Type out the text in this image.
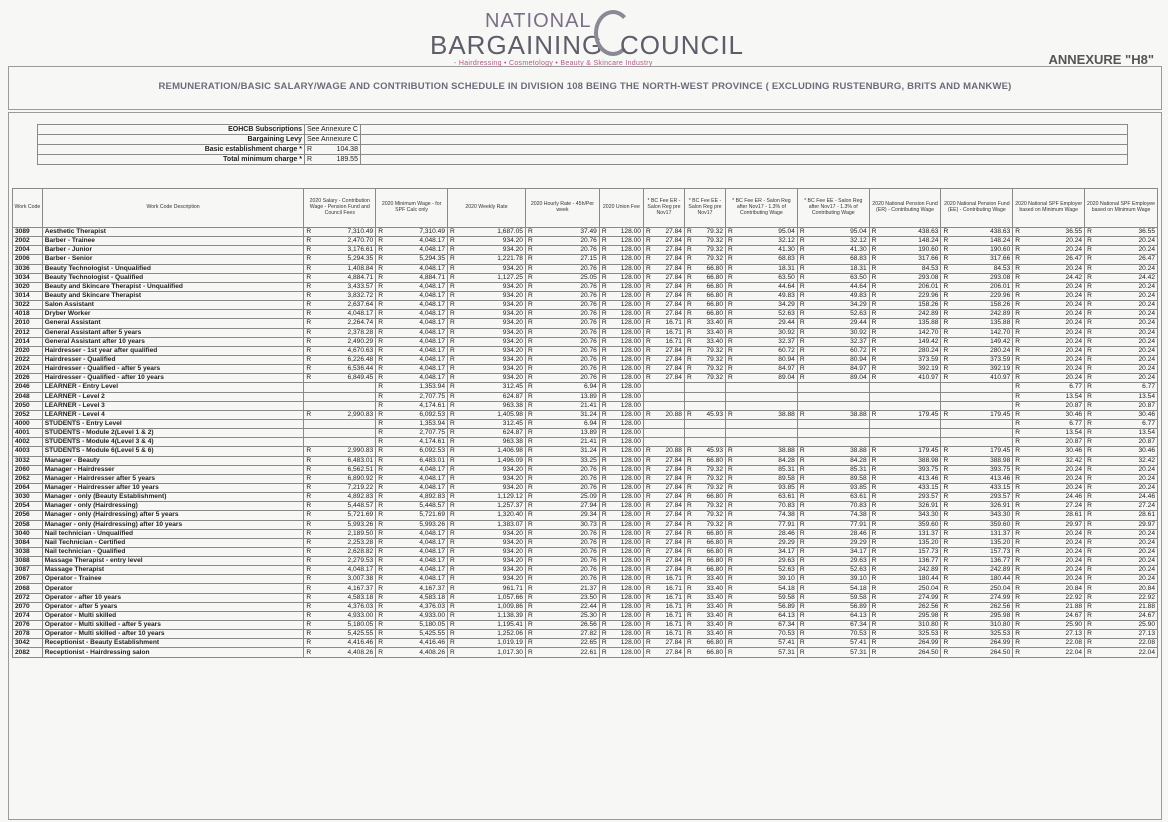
NATIONAL
BARGAINING COUNCIL
- Hairdressing • Cosmetology • Beauty & Skincare Industry	ANNEXURE "H8"
REMUNERATION/BASIC SALARY/WAGE AND CONTRIBUTION SCHEDULE IN DIVISION 108 BEING THE NORTH-WEST PROVINCE ( EXCLUDING RUSTENBURG, BRITS AND MANKWE)
EOHCB Subscriptions	See Annexure C	

Bargaining Levy	See Annexure C	

Basic establishment charge *	R 104.38	

Total minimum charge *	R 189.55	

Work Code	Work Code Description	2020 Salary - Contribution Wage - Pension Fund and Council Fees	2020 Minimum Wage - for SPF Calc only	2020 Weekly Rate	2020 Hourly Rate - 45h/Per week	2020 Union Fee	* BC Fee ER - Salon Reg pre Nov17	* BC Fee EE - Salon Reg pre Nov17	* BC Fee ER - Salon Reg after Nov17 - 1.3% of Contributing Wage	* BC Fee EE - Salon Reg after Nov17 - 1.3% of Contributing Wage	2020 National Pension Fund (ER) - Contributing Wage	2020 National Pension Fund (EE) - Contributing Wage	2020 National SPF Employer based on Minimum Wage	2020 National SPF Employee based on Minimum Wage
3089	Aesthetic Therapist	R 7,310.49	R 7,310.49	R 1,687.05	R 37.49	R 128.00	R 27.84	R 79.32	R 95.04	R 95.04	R 438.63	R 438.63	R 36.55	R 36.55

2002	Barber - Trainee	R 2,470.70	R 4,048.17	R 934.20	R 20.76	R 128.00	R 27.84	R 79.32	R 32.12	R 32.12	R 148.24	R 148.24	R 20.24	R 20.24

2004	Barber - Junior	R 3,176.61	R 4,048.17	R 934.20	R 20.76	R 128.00	R 27.84	R 79.32	R 41.30	R 41.30	R 190.60	R 190.60	R 20.24	R 20.24

2006	Barber - Senior	R 5,294.35	R 5,294.35	R 1,221.78	R 27.15	R 128.00	R 27.84	R 79.32	R 68.83	R 68.83	R 317.66	R 317.66	R 26.47	R 26.47

3036	Beauty Technologist - Unqualified	R 1,408.84	R 4,048.17	R 934.20	R 20.76	R 128.00	R 27.84	R 66.80	R 18.31	R 18.31	R 84.53	R 84.53	R 20.24	R 20.24

3034	Beauty Technologist - Qualified	R 4,884.71	R 4,884.71	R 1,127.25	R 25.05	R 128.00	R 27.84	R 66.80	R 63.50	R 63.50	R 293.08	R 293.08	R 24.42	R 24.42

3020	Beauty and Skincare Therapist - Unqualified	R 3,433.57	R 4,048.17	R 934.20	R 20.76	R 128.00	R 27.84	R 66.80	R 44.64	R 44.64	R 206.01	R 206.01	R 20.24	R 20.24

3014	Beauty and Skincare Therapist	R 3,832.72	R 4,048.17	R 934.20	R 20.76	R 128.00	R 27.84	R 66.80	R 49.83	R 49.83	R 229.96	R 229.96	R 20.24	R 20.24

3022	Salon Assistant	R 2,637.64	R 4,048.17	R 934.20	R 20.76	R 128.00	R 27.84	R 66.80	R 34.29	R 34.29	R 158.26	R 158.26	R 20.24	R 20.24

4018	Dryber Worker	R 4,048.17	R 4,048.17	R 934.20	R 20.76	R 128.00	R 27.84	R 66.80	R 52.63	R 52.63	R 242.89	R 242.89	R 20.24	R 20.24

2010	General Assistant	R 2,264.74	R 4,048.17	R 934.20	R 20.76	R 128.00	R 16.71	R 33.40	R 29.44	R 29.44	R 135.88	R 135.88	R 20.24	R 20.24

2012	General Assistant after 5 years	R 2,378.28	R 4,048.17	R 934.20	R 20.76	R 128.00	R 16.71	R 33.40	R 30.92	R 30.92	R 142.70	R 142.70	R 20.24	R 20.24

2014	General Assistant after 10 years	R 2,490.29	R 4,048.17	R 934.20	R 20.76	R 128.00	R 16.71	R 33.40	R 32.37	R 32.37	R 149.42	R 149.42	R 20.24	R 20.24

2020	Hairdresser - 1st year after qualified	R 4,670.63	R 4,048.17	R 934.20	R 20.76	R 128.00	R 27.84	R 79.32	R 60.72	R 60.72	R 280.24	R 280.24	R 20.24	R 20.24

2022	Hairdresser - Qualified	R 6,226.48	R 4,048.17	R 934.20	R 20.76	R 128.00	R 27.84	R 79.32	R 80.94	R 80.94	R 373.59	R 373.59	R 20.24	R 20.24

2024	Hairdresser - Qualified - after 5 years	R 6,536.44	R 4,048.17	R 934.20	R 20.76	R 128.00	R 27.84	R 79.32	R 84.97	R 84.97	R 392.19	R 392.19	R 20.24	R 20.24

2026	Hairdresser - Qualified - after 10 years	R 6,849.45	R 4,048.17	R 934.20	R 20.76	R 128.00	R 27.84	R 79.32	R 89.04	R 89.04	R 410.97	R 410.97	R 20.24	R 20.24

2046	LEARNER - Entry Level		R 1,353.94	R 312.45	R 6.94	R 128.00							R 6.77	R 6.77

2048	LEARNER - Level 2		R 2,707.75	R 624.87	R 13.89	R 128.00							R 13.54	R 13.54

2050	LEARNER - Level 3		R 4,174.61	R 963.38	R 21.41	R 128.00							R 20.87	R 20.87

2052	LEARNER - Level 4	R 2,990.83	R 6,092.53	R 1,405.98	R 31.24	R 128.00	R 20.88	R 45.93	R 38.88	R 38.88	R 179.45	R 179.45	R 30.46	R 30.46

4000	STUDENTS - Entry Level		R 1,353.94	R 312.45	R 6.94	R 128.00							R 6.77	R 6.77

4001	STUDENTS - Module 2(Level 1 & 2)		R 2,707.75	R 624.87	R 13.89	R 128.00							R 13.54	R 13.54

4002	STUDENTS - Module 4(Level 3 & 4)		R 4,174.61	R 963.38	R 21.41	R 128.00							R 20.87	R 20.87

4003	STUDENTS - Module 6(Level 5 & 6)	R 2,990.83	R 6,092.53	R 1,406.98	R 31.24	R 128.00	R 20.88	R 45.93	R 38.88	R 38.88	R 179.45	R 179.45	R 30.46	R 30.46

3032	Manager - Beauty	R 6,483.01	R 6,483.01	R 1,496.09	R 33.25	R 128.00	R 27.84	R 66.80	R 84.28	R 84.28	R 388.98	R 388.98	R 32.42	R 32.42

2060	Manager - Hairdresser	R 6,562.51	R 4,048.17	R 934.20	R 20.76	R 128.00	R 27.84	R 79.32	R 85.31	R 85.31	R 393.75	R 393.75	R 20.24	R 20.24

2062	Manager - Hairdresser after 5 years	R 6,890.92	R 4,048.17	R 934.20	R 20.76	R 128.00	R 27.84	R 79.32	R 89.58	R 89.58	R 413.46	R 413.46	R 20.24	R 20.24

2064	Manager - Hairdresser after 10 years	R 7,219.22	R 4,048.17	R 934.20	R 20.76	R 128.00	R 27.84	R 79.32	R 93.85	R 93.85	R 433.15	R 433.15	R 20.24	R 20.24

3030	Manager - only (Beauty Establishment)	R 4,892.83	R 4,892.83	R 1,129.12	R 25.09	R 128.00	R 27.84	R 66.80	R 63.61	R 63.61	R 293.57	R 293.57	R 24.46	R 24.46

2054	Manager - only (Hairdressing)	R 5,448.57	R 5,448.57	R 1,257.37	R 27.94	R 128.00	R 27.84	R 79.32	R 70.83	R 70.83	R 326.91	R 326.91	R 27.24	R 27.24

2056	Manager - only (Hairdressing) after 5 years	R 5,721.69	R 5,721.69	R 1,320.40	R 29.34	R 128.00	R 27.84	R 79.32	R 74.38	R 74.38	R 343.30	R 343.30	R 28.61	R 28.61

2058	Manager - only (Hairdressing) after 10 years	R 5,993.26	R 5,993.26	R 1,383.07	R 30.73	R 128.00	R 27.84	R 79.32	R 77.91	R 77.91	R 359.60	R 359.60	R 29.97	R 29.97

3040	Nail technician - Unqualified	R 2,189.50	R 4,048.17	R 934.20	R 20.76	R 128.00	R 27.84	R 66.80	R 28.46	R 28.46	R 131.37	R 131.37	R 20.24	R 20.24

3084	Nail Technician - Certified	R 2,253.28	R 4,048.17	R 934.20	R 20.76	R 128.00	R 27.84	R 66.80	R 29.29	R 29.29	R 135.20	R 135.20	R 20.24	R 20.24

3038	Nail technician - Qualified	R 2,628.82	R 4,048.17	R 934.20	R 20.76	R 128.00	R 27.84	R 66.80	R 34.17	R 34.17	R 157.73	R 157.73	R 20.24	R 20.24

3088	Massage Therapist - entry level	R 2,279.53	R 4,048.17	R 934.20	R 20.76	R 128.00	R 27.84	R 66.80	R 29.63	R 29.63	R 136.77	R 136.77	R 20.24	R 20.24

3087	Massage Therapist	R 4,048.17	R 4,048.17	R 934.20	R 20.76	R 128.00	R 27.84	R 66.80	R 52.63	R 52.63	R 242.89	R 242.89	R 20.24	R 20.24

2067	Operator - Trainee	R 3,007.38	R 4,048.17	R 934.20	R 20.76	R 128.00	R 16.71	R 33.40	R 39.10	R 39.10	R 180.44	R 180.44	R 20.24	R 20.24

2068	Operator	R 4,167.37	R 4,167.37	R 961.71	R 21.37	R 128.00	R 16.71	R 33.40	R 54.18	R 54.18	R 250.04	R 250.04	R 20.84	R 20.84

2072	Operator - after 10 years	R 4,583.18	R 4,583.18	R 1,057.66	R 23.50	R 128.00	R 16.71	R 33.40	R 59.58	R 59.58	R 274.99	R 274.99	R 22.92	R 22.92

2070	Operator - after 5 years	R 4,376.03	R 4,376.03	R 1,009.86	R 22.44	R 128.00	R 16.71	R 33.40	R 56.89	R 56.89	R 262.56	R 262.56	R 21.88	R 21.88

2074	Operator - Multi skilled	R 4,933.00	R 4,933.00	R 1,138.39	R 25.30	R 128.00	R 16.71	R 33.40	R 64.13	R 64.13	R 295.98	R 295.98	R 24.67	R 24.67

2076	Operator - Multi skilled - after 5 years	R 5,180.05	R 5,180.05	R 1,195.41	R 26.56	R 128.00	R 16.71	R 33.40	R 67.34	R 67.34	R 310.80	R 310.80	R 25.90	R 25.90

2078	Operator - Multi skilled - after 10 years	R 5,425.55	R 5,425.55	R 1,252.06	R 27.82	R 128.00	R 16.71	R 33.40	R 70.53	R 70.53	R 325.53	R 325.53	R 27.13	R 27.13

3042	Receptionist - Beauty Establishment	R 4,416.46	R 4,416.46	R 1,019.19	R 22.65	R 128.00	R 27.84	R 66.80	R 57.41	R 57.41	R 264.99	R 264.99	R 22.08	R 22.08

2082	Receptionist - Hairdressing salon	R 4,408.26	R 4,408.26	R 1,017.30	R 22.61	R 128.00	R 27.84	R 66.80	R 57.31	R 57.31	R 264.50	R 264.50	R 22.04	R 22.04
